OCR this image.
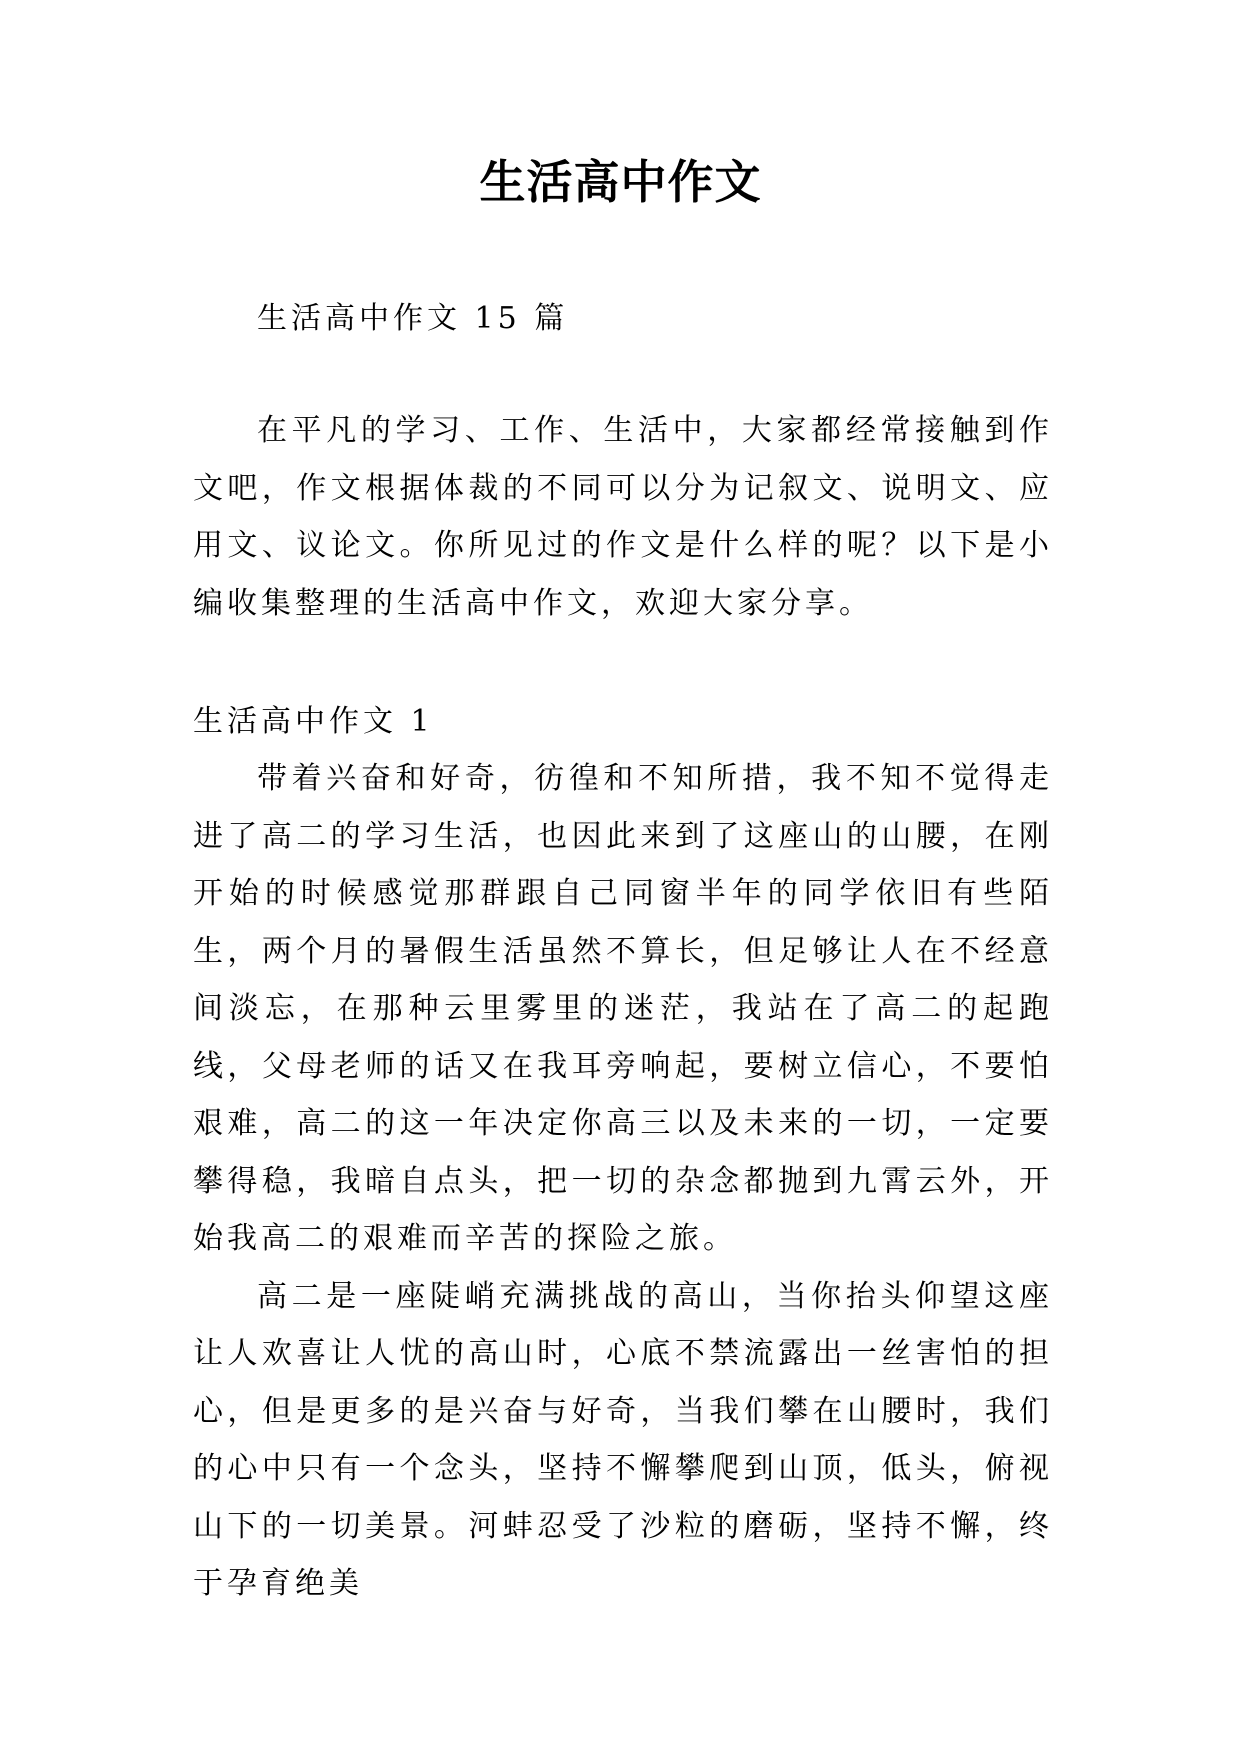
生活高中作文

生活高中作文 15 篇

在平凡的学习、工作、生活中，大家都经常接触到作文吧，作文根据体裁的不同可以分为记叙文、说明文、应用文、议论文。你所见过的作文是什么样的呢？以下是小编收集整理的生活高中作文，欢迎大家分享。

生活高中作文 1

带着兴奋和好奇，彷徨和不知所措，我不知不觉得走进了高二的学习生活，也因此来到了这座山的山腰，在刚开始的时候感觉那群跟自己同窗半年的同学依旧有些陌生，两个月的暑假生活虽然不算长，但足够让人在不经意间淡忘，在那种云里雾里的迷茫，我站在了高二的起跑线，父母老师的话又在我耳旁响起，要树立信心，不要怕艰难，高二的这一年决定你高三以及未来的一切，一定要攀得稳，我暗自点头，把一切的杂念都抛到九霄云外，开始我高二的艰难而辛苦的探险之旅。

高二是一座陡峭充满挑战的高山，当你抬头仰望这座让人欢喜让人忧的高山时，心底不禁流露出一丝害怕的担心，但是更多的是兴奋与好奇，当我们攀在山腰时，我们的心中只有一个念头，坚持不懈攀爬到山顶，低头，俯视山下的一切美景。河蚌忍受了沙粒的磨砺，坚持不懈，终于孕育绝美
